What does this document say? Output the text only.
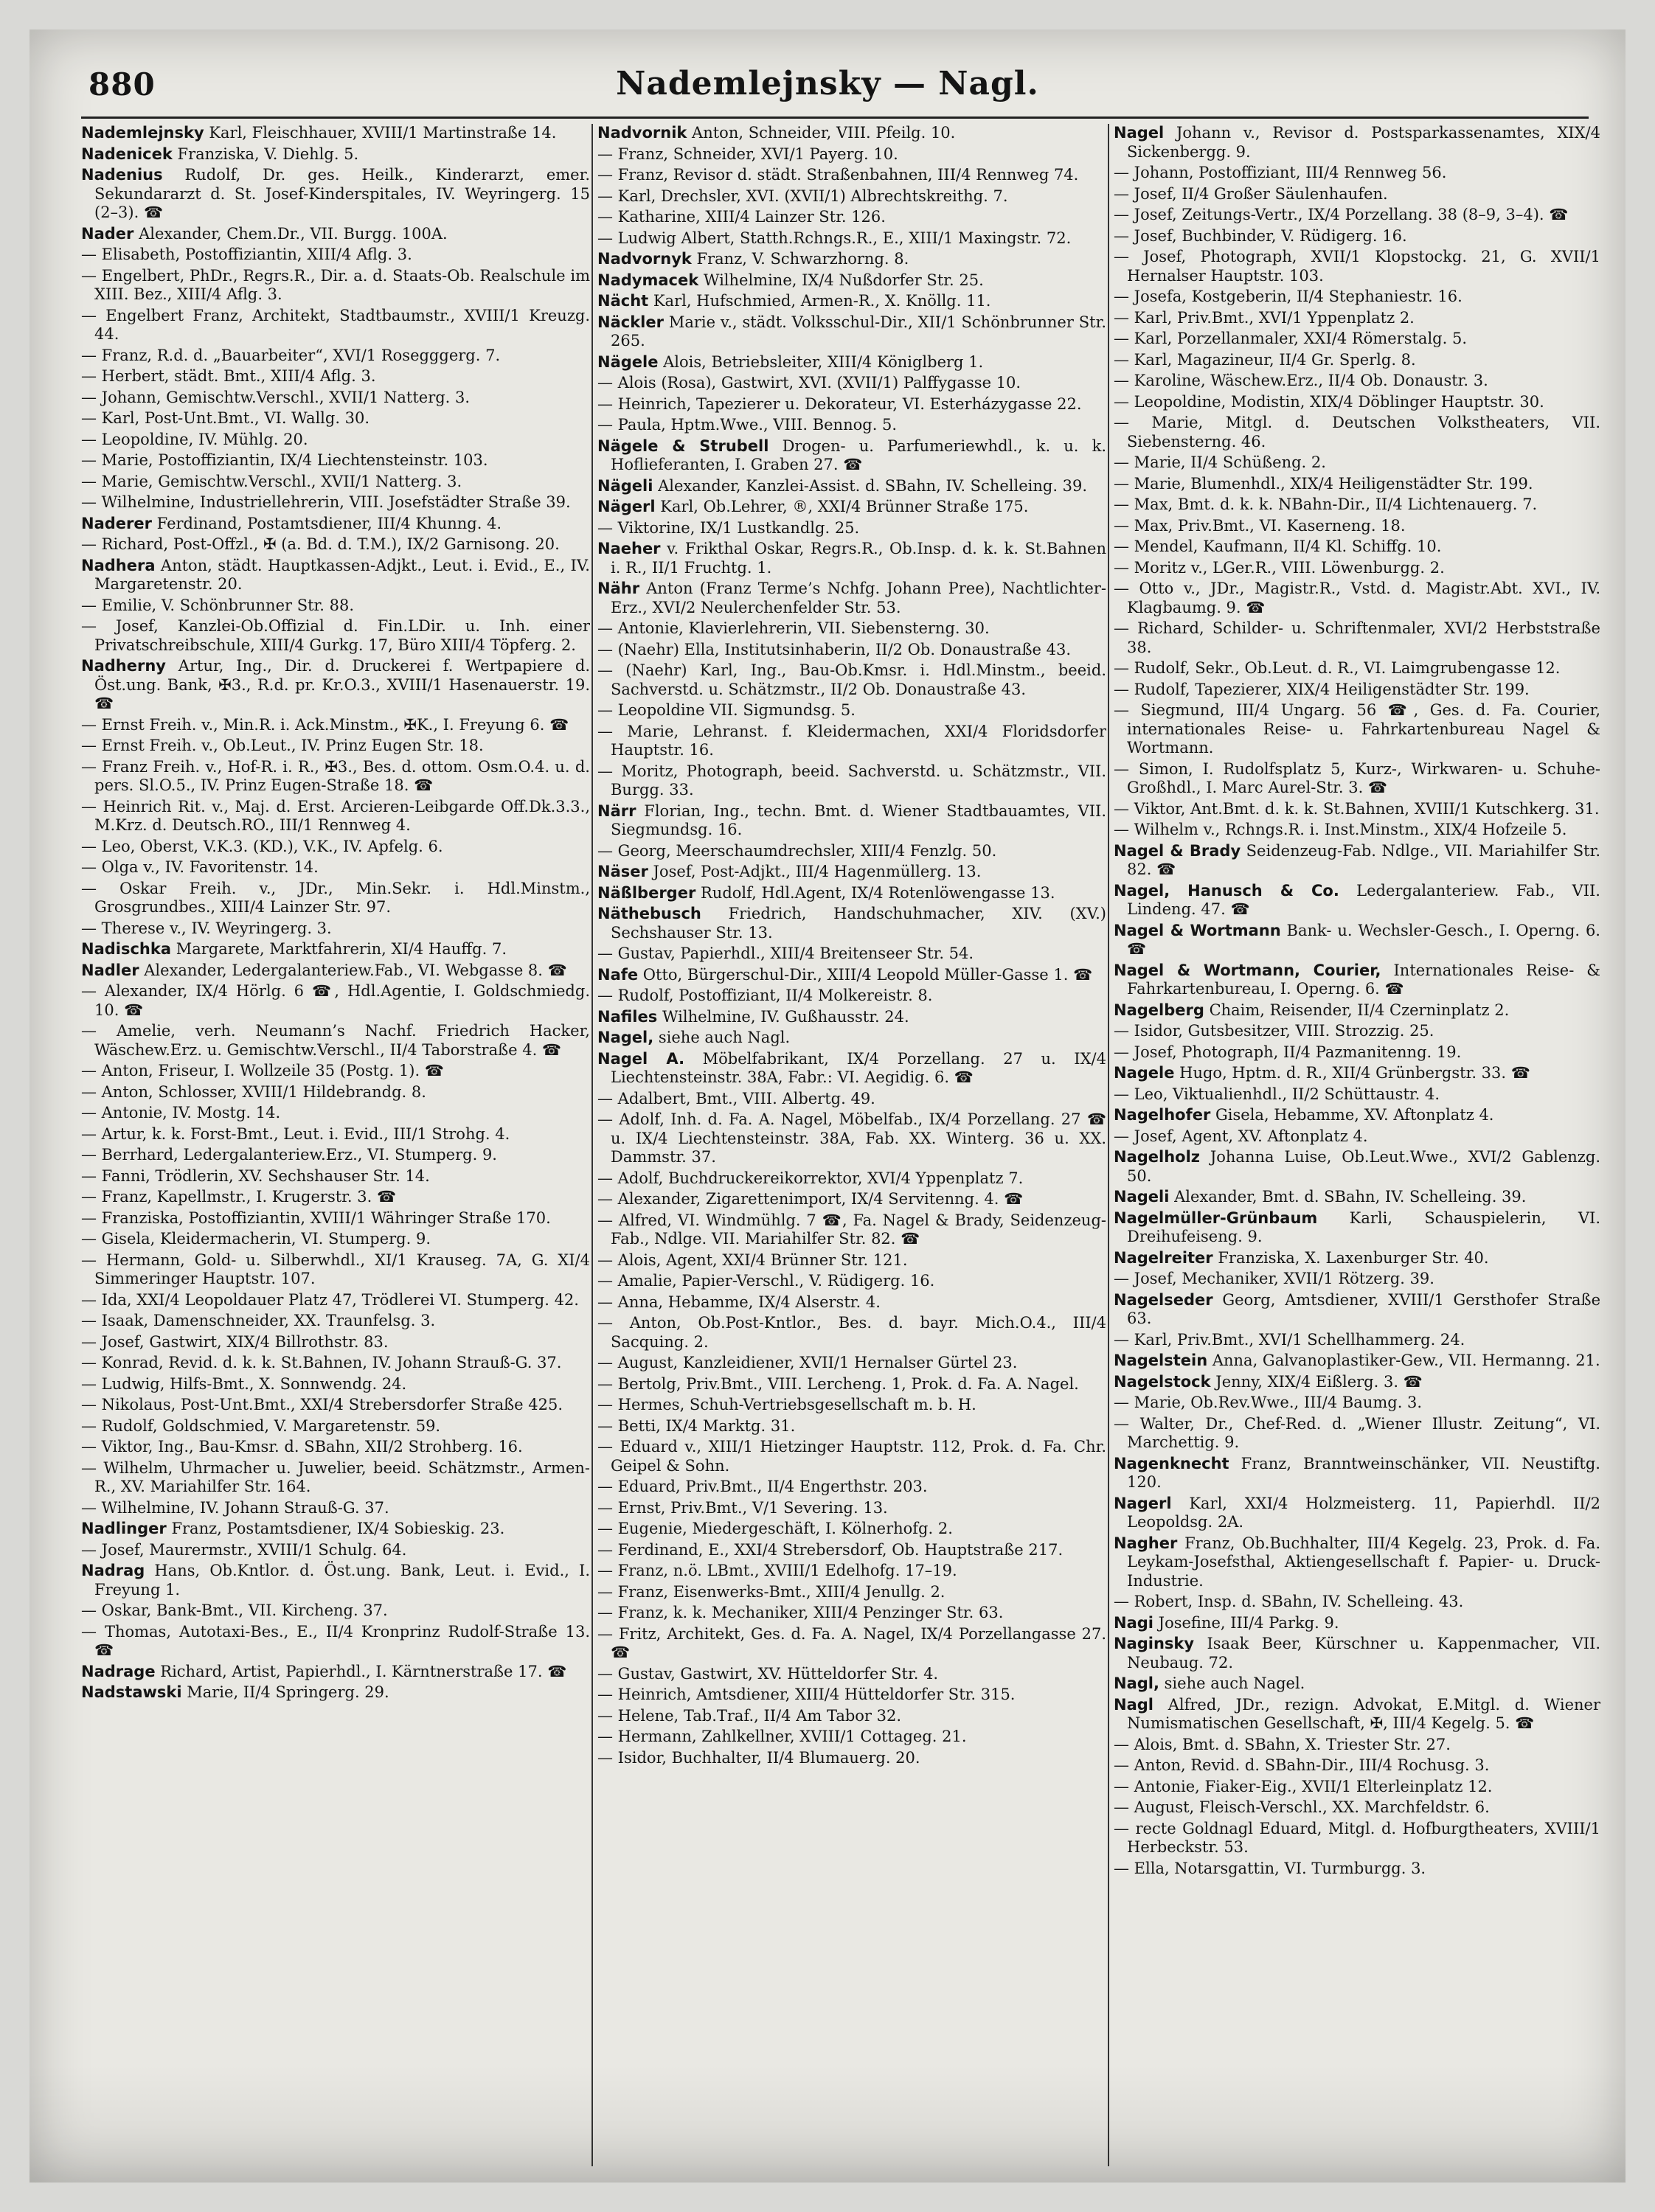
880	Nademlejnsky — Nagl.

Nademlejnsky Karl, Fleischhauer, XVIII/1 Martinstraße 14.

Nadenicek Franziska, V. Diehlg. 5.

Nadenius Rudolf, Dr. ges. Heilk., Kinderarzt, emer. Sekundararzt d. St. Josef-Kinderspitales, IV. Weyringerg. 15 (2–3). ☎

Nader Alexander, Chem.Dr., VII. Burgg. 100A.

— Elisabeth, Postoffiziantin, XIII/4 Aflg. 3.

— Engelbert, PhDr., Regrs.R., Dir. a. d. Staats-Ob. Realschule im XIII. Bez., XIII/4 Aflg. 3.

— Engelbert Franz, Architekt, Stadtbaumstr., XVIII/1 Kreuzg. 44.

— Franz, R.d. d. „Bauarbeiter“, XVI/1 Rosegggerg. 7.

— Herbert, städt. Bmt., XIII/4 Aflg. 3.

— Johann, Gemischtw.Verschl., XVII/1 Natterg. 3.

— Karl, Post-Unt.Bmt., VI. Wallg. 30.

— Leopoldine, IV. Mühlg. 20.

— Marie, Postoffiziantin, IX/4 Liechtensteinstr. 103.

— Marie, Gemischtw.Verschl., XVII/1 Natterg. 3.

— Wilhelmine, Industriellehrerin, VIII. Josefstädter Straße 39.

Naderer Ferdinand, Postamtsdiener, III/4 Khunng. 4.

— Richard, Post-Offzl., ✠ (a. Bd. d. T.M.), IX/2 Garnisong. 20.

Nadhera Anton, städt. Hauptkassen-Adjkt., Leut. i. Evid., E., IV. Margaretenstr. 20.

— Emilie, V. Schönbrunner Str. 88.

— Josef, Kanzlei-Ob.Offizial d. Fin.LDir. u. Inh. einer Privatschreibschule, XIII/4 Gurkg. 17, Büro XIII/4 Töpferg. 2.

Nadherny Artur, Ing., Dir. d. Druckerei f. Wertpapiere d. Öst.ung. Bank, ✠3., R.d. pr. Kr.O.3., XVIII/1 Hasenauerstr. 19. ☎

— Ernst Freih. v., Min.R. i. Ack.Minstm., ✠K., I. Freyung 6. ☎

— Ernst Freih. v., Ob.Leut., IV. Prinz Eugen Str. 18.

— Franz Freih. v., Hof-R. i. R., ✠3., Bes. d. ottom. Osm.O.4. u. d. pers. Sl.O.5., IV. Prinz Eugen-Straße 18. ☎

— Heinrich Rit. v., Maj. d. Erst. Arcieren-Leibgarde Off.Dk.3.3., M.Krz. d. Deutsch.RO., III/1 Rennweg 4.

— Leo, Oberst, V.K.3. (KD.), V.K., IV. Apfelg. 6.

— Olga v., IV. Favoritenstr. 14.

— Oskar Freih. v., JDr., Min.Sekr. i. Hdl.Minstm., Grosgrundbes., XIII/4 Lainzer Str. 97.

— Therese v., IV. Weyringerg. 3.

Nadischka Margarete, Marktfahrerin, XI/4 Hauffg. 7.

Nadler Alexander, Ledergalanteriew.Fab., VI. Webgasse 8. ☎

— Alexander, IX/4 Hörlg. 6 ☎, Hdl.Agentie, I. Goldschmiedg. 10. ☎

— Amelie, verh. Neumann’s Nachf. Friedrich Hacker, Wäschew.Erz. u. Gemischtw.Verschl., II/4 Taborstraße 4. ☎

— Anton, Friseur, I. Wollzeile 35 (Postg. 1). ☎

— Anton, Schlosser, XVIII/1 Hildebrandg. 8.

— Antonie, IV. Mostg. 14.

— Artur, k. k. Forst-Bmt., Leut. i. Evid., III/1 Strohg. 4.

— Berrhard, Ledergalanteriew.Erz., VI. Stumperg. 9.

— Fanni, Trödlerin, XV. Sechshauser Str. 14.

— Franz, Kapellmstr., I. Krugerstr. 3. ☎

— Franziska, Postoffiziantin, XVIII/1 Währinger Straße 170.

— Gisela, Kleidermacherin, VI. Stumperg. 9.

— Hermann, Gold- u. Silberwhdl., XI/1 Krauseg. 7A, G. XI/4 Simmeringer Hauptstr. 107.

— Ida, XXI/4 Leopoldauer Platz 47, Trödlerei VI. Stumperg. 42.

— Isaak, Damenschneider, XX. Traunfelsg. 3.

— Josef, Gastwirt, XIX/4 Billrothstr. 83.

— Konrad, Revid. d. k. k. St.Bahnen, IV. Johann Strauß-G. 37.

— Ludwig, Hilfs-Bmt., X. Sonnwendg. 24.

— Nikolaus, Post-Unt.Bmt., XXI/4 Strebersdorfer Straße 425.

— Rudolf, Goldschmied, V. Margaretenstr. 59.

— Viktor, Ing., Bau-Kmsr. d. SBahn, XII/2 Strohberg. 16.

— Wilhelm, Uhrmacher u. Juwelier, beeid. Schätzmstr., Armen-R., XV. Mariahilfer Str. 164.

— Wilhelmine, IV. Johann Strauß-G. 37.

Nadlinger Franz, Postamtsdiener, IX/4 Sobieskig. 23.

— Josef, Maurermstr., XVIII/1 Schulg. 64.

Nadrag Hans, Ob.Kntlor. d. Öst.ung. Bank, Leut. i. Evid., I. Freyung 1.

— Oskar, Bank-Bmt., VII. Kircheng. 37.

— Thomas, Autotaxi-Bes., E., II/4 Kronprinz Rudolf-Straße 13. ☎

Nadrage Richard, Artist, Papierhdl., I. Kärntnerstraße 17. ☎

Nadstawski Marie, II/4 Springerg. 29.

Nadvornik Anton, Schneider, VIII. Pfeilg. 10.

— Franz, Schneider, XVI/1 Payerg. 10.

— Franz, Revisor d. städt. Straßenbahnen, III/4 Rennweg 74.

— Karl, Drechsler, XVI. (XVII/1) Albrechtskreithg. 7.

— Katharine, XIII/4 Lainzer Str. 126.

— Ludwig Albert, Statth.Rchngs.R., E., XIII/1 Maxingstr. 72.

Nadvornyk Franz, V. Schwarzhorng. 8.

Nadymacek Wilhelmine, IX/4 Nußdorfer Str. 25.

Nächt Karl, Hufschmied, Armen-R., X. Knöllg. 11.

Näckler Marie v., städt. Volksschul-Dir., XII/1 Schönbrunner Str. 265.

Nägele Alois, Betriebsleiter, XIII/4 Königlberg 1.

— Alois (Rosa), Gastwirt, XVI. (XVII/1) Palffygasse 10.

— Heinrich, Tapezierer u. Dekorateur, VI. Esterházygasse 22.

— Paula, Hptm.Wwe., VIII. Bennog. 5.

Nägele & Strubell Drogen- u. Parfumeriewhdl., k. u. k. Hoflieferanten, I. Graben 27. ☎

Nägeli Alexander, Kanzlei-Assist. d. SBahn, IV. Schelleing. 39.

Nägerl Karl, Ob.Lehrer, ®, XXI/4 Brünner Straße 175.

— Viktorine, IX/1 Lustkandlg. 25.

Naeher v. Frikthal Oskar, Regrs.R., Ob.Insp. d. k. k. St.Bahnen i. R., II/1 Fruchtg. 1.

Nähr Anton (Franz Terme’s Nchfg. Johann Pree), Nachtlichter-Erz., XVI/2 Neulerchenfelder Str. 53.

— Antonie, Klavierlehrerin, VII. Siebensterng. 30.

— (Naehr) Ella, Institutsinhaberin, II/2 Ob. Donaustraße 43.

— (Naehr) Karl, Ing., Bau-Ob.Kmsr. i. Hdl.Minstm., beeid. Sachverstd. u. Schätzmstr., II/2 Ob. Donaustraße 43.

— Leopoldine VII. Sigmundsg. 5.

— Marie, Lehranst. f. Kleidermachen, XXI/4 Floridsdorfer Hauptstr. 16.

— Moritz, Photograph, beeid. Sachverstd. u. Schätzmstr., VII. Burgg. 33.

Närr Florian, Ing., techn. Bmt. d. Wiener Stadtbauamtes, VII. Siegmundsg. 16.

— Georg, Meerschaumdrechsler, XIII/4 Fenzlg. 50.

Näser Josef, Post-Adjkt., III/4 Hagenmüllerg. 13.

Näßlberger Rudolf, Hdl.Agent, IX/4 Rotenlöwengasse 13.

Näthebusch Friedrich, Handschuhmacher, XIV. (XV.) Sechshauser Str. 13.

— Gustav, Papierhdl., XIII/4 Breitenseer Str. 54.

Nafe Otto, Bürgerschul-Dir., XIII/4 Leopold Müller-Gasse 1. ☎

— Rudolf, Postoffiziant, II/4 Molkereistr. 8.

Nafiles Wilhelmine, IV. Gußhausstr. 24.

Nagel, siehe auch Nagl.

Nagel A. Möbelfabrikant, IX/4 Porzellang. 27 u. IX/4 Liechtensteinstr. 38A, Fabr.: VI. Aegidig. 6. ☎

— Adalbert, Bmt., VIII. Albertg. 49.

— Adolf, Inh. d. Fa. A. Nagel, Möbelfab., IX/4 Porzellang. 27 ☎ u. IX/4 Liechtensteinstr. 38A, Fab. XX. Winterg. 36 u. XX. Dammstr. 37.

— Adolf, Buchdruckereikorrektor, XVI/4 Yppenplatz 7.

— Alexander, Zigarettenimport, IX/4 Servitenng. 4. ☎

— Alfred, VI. Windmühlg. 7 ☎, Fa. Nagel & Brady, Seidenzeug-Fab., Ndlge. VII. Mariahilfer Str. 82. ☎

— Alois, Agent, XXI/4 Brünner Str. 121.

— Amalie, Papier-Verschl., V. Rüdigerg. 16.

— Anna, Hebamme, IX/4 Alserstr. 4.

— Anton, Ob.Post-Kntlor., Bes. d. bayr. Mich.O.4., III/4 Sacquing. 2.

— August, Kanzleidiener, XVII/1 Hernalser Gürtel 23.

— Bertolg, Priv.Bmt., VIII. Lercheng. 1, Prok. d. Fa. A. Nagel.

— Hermes, Schuh-Vertriebsgesellschaft m. b. H.

— Betti, IX/4 Marktg. 31.

— Eduard v., XIII/1 Hietzinger Hauptstr. 112, Prok. d. Fa. Chr. Geipel & Sohn.

— Eduard, Priv.Bmt., II/4 Engerthstr. 203.

— Ernst, Priv.Bmt., V/1 Severing. 13.

— Eugenie, Miedergeschäft, I. Kölnerhofg. 2.

— Ferdinand, E., XXI/4 Strebersdorf, Ob. Hauptstraße 217.

— Franz, n.ö. LBmt., XVIII/1 Edelhofg. 17–19.

— Franz, Eisenwerks-Bmt., XIII/4 Jenullg. 2.

— Franz, k. k. Mechaniker, XIII/4 Penzinger Str. 63.

— Fritz, Architekt, Ges. d. Fa. A. Nagel, IX/4 Porzellangasse 27. ☎

— Gustav, Gastwirt, XV. Hütteldorfer Str. 4.

— Heinrich, Amtsdiener, XIII/4 Hütteldorfer Str. 315.

— Helene, Tab.Traf., II/4 Am Tabor 32.

— Hermann, Zahlkellner, XVIII/1 Cottageg. 21.

— Isidor, Buchhalter, II/4 Blumauerg. 20.

Nagel Johann v., Revisor d. Postsparkassenamtes, XIX/4 Sickenbergg. 9.

— Johann, Postoffiziant, III/4 Rennweg 56.

— Josef, II/4 Großer Säulenhaufen.

— Josef, Zeitungs-Vertr., IX/4 Porzellang. 38 (8–9, 3–4). ☎

— Josef, Buchbinder, V. Rüdigerg. 16.

— Josef, Photograph, XVII/1 Klopstockg. 21, G. XVII/1 Hernalser Hauptstr. 103.

— Josefa, Kostgeberin, II/4 Stephaniestr. 16.

— Karl, Priv.Bmt., XVI/1 Yppenplatz 2.

— Karl, Porzellanmaler, XXI/4 Römerstalg. 5.

— Karl, Magazineur, II/4 Gr. Sperlg. 8.

— Karoline, Wäschew.Erz., II/4 Ob. Donaustr. 3.

— Leopoldine, Modistin, XIX/4 Döblinger Hauptstr. 30.

— Marie, Mitgl. d. Deutschen Volkstheaters, VII. Siebensterng. 46.

— Marie, II/4 Schüßeng. 2.

— Marie, Blumenhdl., XIX/4 Heiligenstädter Str. 199.

— Max, Bmt. d. k. k. NBahn-Dir., II/4 Lichtenauerg. 7.

— Max, Priv.Bmt., VI. Kaserneng. 18.

— Mendel, Kaufmann, II/4 Kl. Schiffg. 10.

— Moritz v., LGer.R., VIII. Löwenburgg. 2.

— Otto v., JDr., Magistr.R., Vstd. d. Magistr.Abt. XVI., IV. Klagbaumg. 9. ☎

— Richard, Schilder- u. Schriftenmaler, XVI/2 Herbststraße 38.

— Rudolf, Sekr., Ob.Leut. d. R., VI. Laimgrubengasse 12.

— Rudolf, Tapezierer, XIX/4 Heiligenstädter Str. 199.

— Siegmund, III/4 Ungarg. 56 ☎, Ges. d. Fa. Courier, internationales Reise- u. Fahrkartenbureau Nagel & Wortmann.

— Simon, I. Rudolfsplatz 5, Kurz-, Wirkwaren- u. Schuhe-Großhdl., I. Marc Aurel-Str. 3. ☎

— Viktor, Ant.Bmt. d. k. k. St.Bahnen, XVIII/1 Kutschkerg. 31.

— Wilhelm v., Rchngs.R. i. Inst.Minstm., XIX/4 Hofzeile 5.

Nagel & Brady Seidenzeug-Fab. Ndlge., VII. Mariahilfer Str. 82. ☎

Nagel, Hanusch & Co. Ledergalanteriew. Fab., VII. Lindeng. 47. ☎

Nagel & Wortmann Bank- u. Wechsler-Gesch., I. Operng. 6. ☎

Nagel & Wortmann, Courier, Internationales Reise- & Fahrkartenbureau, I. Operng. 6. ☎

Nagelberg Chaim, Reisender, II/4 Czerninplatz 2.

— Isidor, Gutsbesitzer, VIII. Strozzig. 25.

— Josef, Photograph, II/4 Pazmanitenng. 19.

Nagele Hugo, Hptm. d. R., XII/4 Grünbergstr. 33. ☎

— Leo, Viktualienhdl., II/2 Schüttaustr. 4.

Nagelhofer Gisela, Hebamme, XV. Aftonplatz 4.

— Josef, Agent, XV. Aftonplatz 4.

Nagelholz Johanna Luise, Ob.Leut.Wwe., XVI/2 Gablenzg. 50.

Nageli Alexander, Bmt. d. SBahn, IV. Schelleing. 39.

Nagelmüller-Grünbaum Karli, Schauspielerin, VI. Dreihufeiseng. 9.

Nagelreiter Franziska, X. Laxenburger Str. 40.

— Josef, Mechaniker, XVII/1 Rötzerg. 39.

Nagelseder Georg, Amtsdiener, XVIII/1 Gersthofer Straße 63.

— Karl, Priv.Bmt., XVI/1 Schellhammerg. 24.

Nagelstein Anna, Galvanoplastiker-Gew., VII. Hermanng. 21.

Nagelstock Jenny, XIX/4 Eißlerg. 3. ☎

— Marie, Ob.Rev.Wwe., III/4 Baumg. 3.

— Walter, Dr., Chef-Red. d. „Wiener Illustr. Zeitung“, VI. Marchettig. 9.

Nagenknecht Franz, Branntweinschänker, VII. Neustiftg. 120.

Nagerl Karl, XXI/4 Holzmeisterg. 11, Papierhdl. II/2 Leopoldsg. 2A.

Nagher Franz, Ob.Buchhalter, III/4 Kegelg. 23, Prok. d. Fa. Leykam-Josefsthal, Aktiengesellschaft f. Papier- u. Druck-Industrie.

— Robert, Insp. d. SBahn, IV. Schelleing. 43.

Nagi Josefine, III/4 Parkg. 9.

Naginsky Isaak Beer, Kürschner u. Kappenmacher, VII. Neubaug. 72.

Nagl, siehe auch Nagel.

Nagl Alfred, JDr., rezign. Advokat, E.Mitgl. d. Wiener Numismatischen Gesellschaft, ✠, III/4 Kegelg. 5. ☎

— Alois, Bmt. d. SBahn, X. Triester Str. 27.

— Anton, Revid. d. SBahn-Dir., III/4 Rochusg. 3.

— Antonie, Fiaker-Eig., XVII/1 Elterleinplatz 12.

— August, Fleisch-Verschl., XX. Marchfeldstr. 6.

— recte Goldnagl Eduard, Mitgl. d. Hofburgtheaters, XVIII/1 Herbeckstr. 53.

— Ella, Notarsgattin, VI. Turmburgg. 3.
